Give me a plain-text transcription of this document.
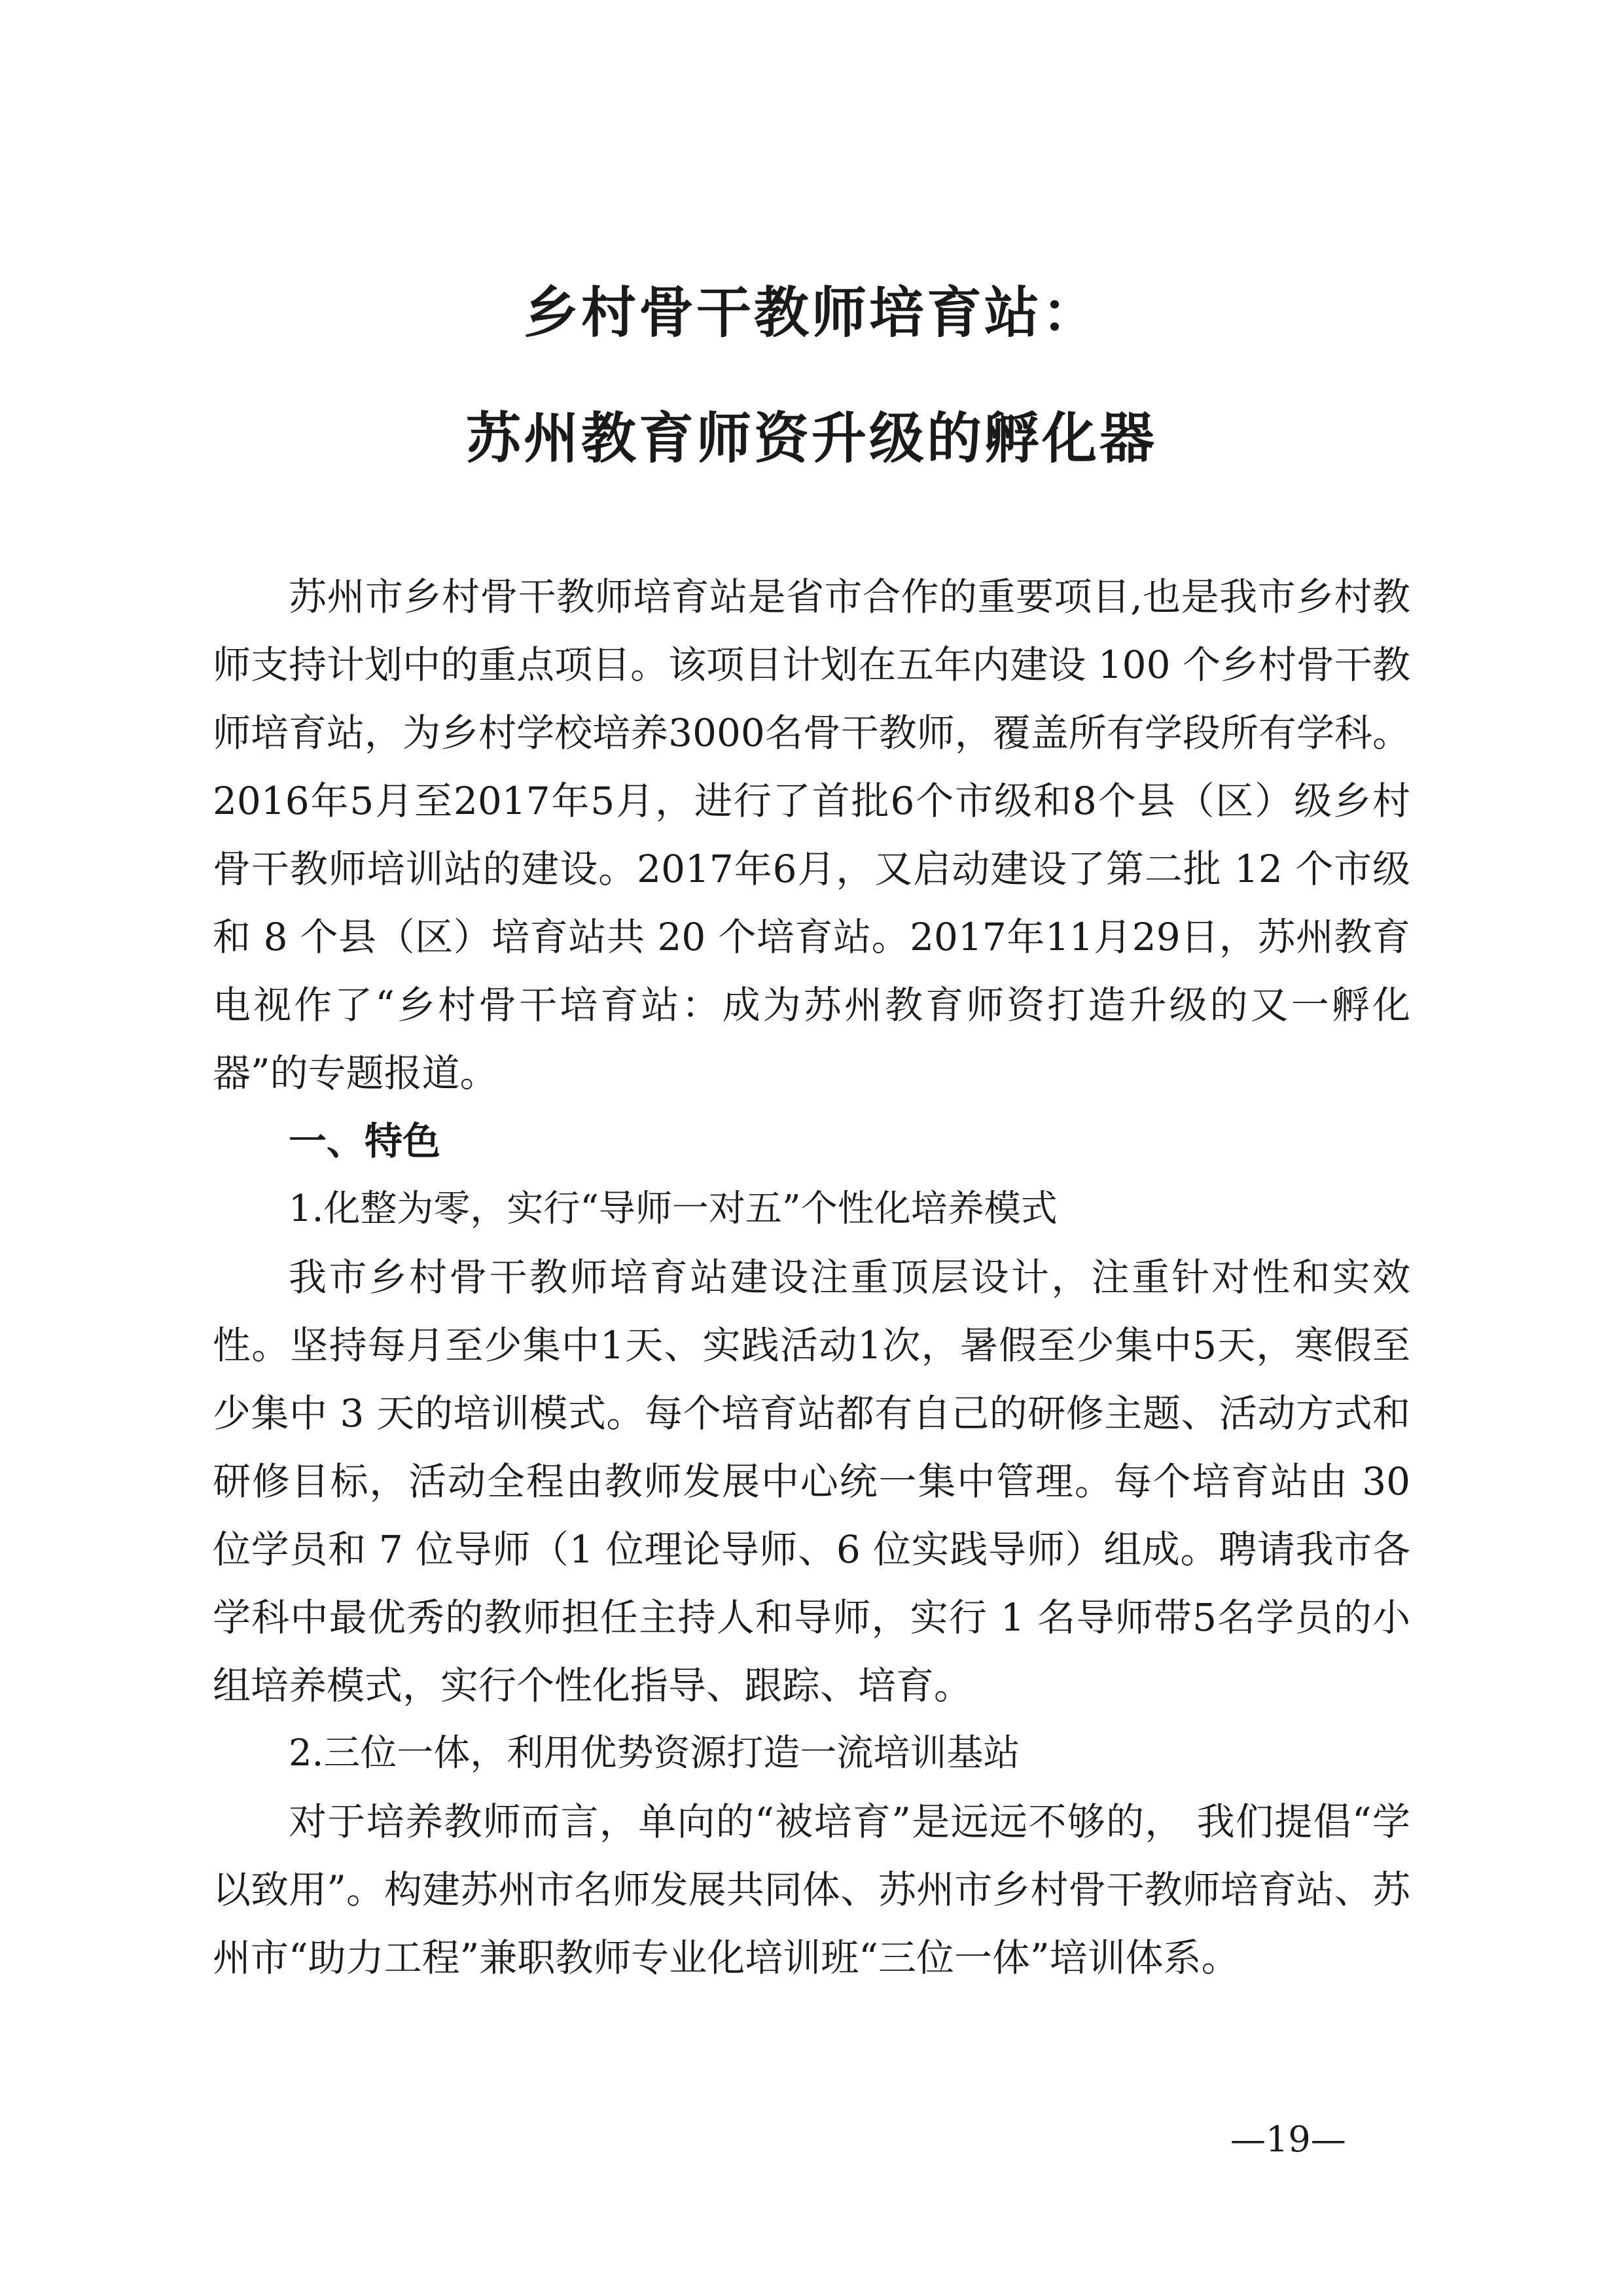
乡村骨干教师培育站：
苏州教育师资升级的孵化器

苏州市乡村骨干教师培育站是省市合作的重要项目,也是我市乡村教师支持计划中的重点项目。该项目计划在五年内建设 100 个乡村骨干教师培育站，为乡村学校培养3000名骨干教师，覆盖所有学段所有学科。2016年5月至2017年5月，进行了首批6个市级和8个县（区）级乡村骨干教师培训站的建设。2017年6月，又启动建设了第二批 12 个市级和 8 个县（区）培育站共 20 个培育站。2017年11月29日，苏州教育电视作了“乡村骨干培育站：成为苏州教育师资打造升级的又一孵化器”的专题报道。

一、特色

1.化整为零，实行“导师一对五”个性化培养模式

我市乡村骨干教师培育站建设注重顶层设计，注重针对性和实效性。坚持每月至少集中1天、实践活动1次，暑假至少集中5天，寒假至少集中 3 天的培训模式。每个培育站都有自己的研修主题、活动方式和研修目标，活动全程由教师发展中心统一集中管理。每个培育站由 30 位学员和 7 位导师（1 位理论导师、6 位实践导师）组成。聘请我市各学科中最优秀的教师担任主持人和导师，实行 1 名导师带5名学员的小组培养模式，实行个性化指导、跟踪、培育。

2.三位一体，利用优势资源打造一流培训基站

对于培养教师而言，单向的“被培育”是远远不够的， 我们提倡“学以致用”。构建苏州市名师发展共同体、苏州市乡村骨干教师培育站、苏州市“助力工程”兼职教师专业化培训班“三位一体”培训体系。

—19—
